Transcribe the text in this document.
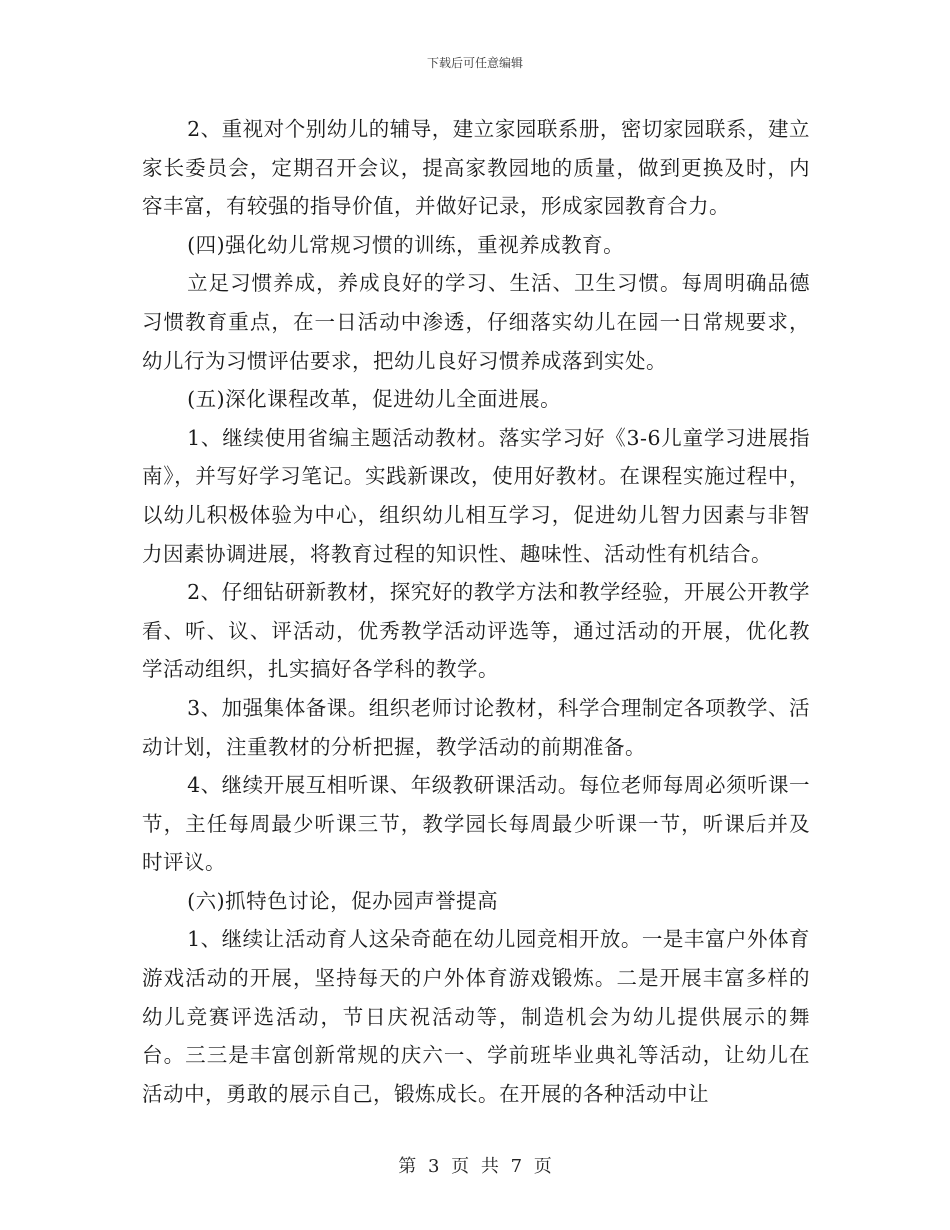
下载后可任意编辑

2、重视对个别幼儿的辅导，建立家园联系册，密切家园联系，建立家长委员会，定期召开会议，提高家教园地的质量，做到更换及时，内容丰富，有较强的指导价值，并做好记录，形成家园教育合力。

(四)强化幼儿常规习惯的训练，重视养成教育。

立足习惯养成，养成良好的学习、生活、卫生习惯。每周明确品德习惯教育重点，在一日活动中渗透，仔细落实幼儿在园一日常规要求，幼儿行为习惯评估要求，把幼儿良好习惯养成落到实处。

(五)深化课程改革，促进幼儿全面进展。

1、继续使用省编主题活动教材。落实学习好《3-6儿童学习进展指南》，并写好学习笔记。实践新课改，使用好教材。在课程实施过程中，以幼儿积极体验为中心，组织幼儿相互学习，促进幼儿智力因素与非智力因素协调进展，将教育过程的知识性、趣味性、活动性有机结合。

2、仔细钻研新教材，探究好的教学方法和教学经验，开展公开教学看、听、议、评活动，优秀教学活动评选等，通过活动的开展，优化教学活动组织，扎实搞好各学科的教学。

3、加强集体备课。组织老师讨论教材，科学合理制定各项教学、活动计划，注重教材的分析把握，教学活动的前期准备。

4、继续开展互相听课、年级教研课活动。每位老师每周必须听课一节，主任每周最少听课三节，教学园长每周最少听课一节，听课后并及时评议。

(六)抓特色讨论，促办园声誉提高

1、继续让活动育人这朵奇葩在幼儿园竞相开放。一是丰富户外体育游戏活动的开展，坚持每天的户外体育游戏锻炼。二是开展丰富多样的幼儿竞赛评选活动，节日庆祝活动等，制造机会为幼儿提供展示的舞台。三三是丰富创新常规的庆六一、学前班毕业典礼等活动，让幼儿在活动中，勇敢的展示自己，锻炼成长。在开展的各种活动中让

第 3 页 共 7 页
